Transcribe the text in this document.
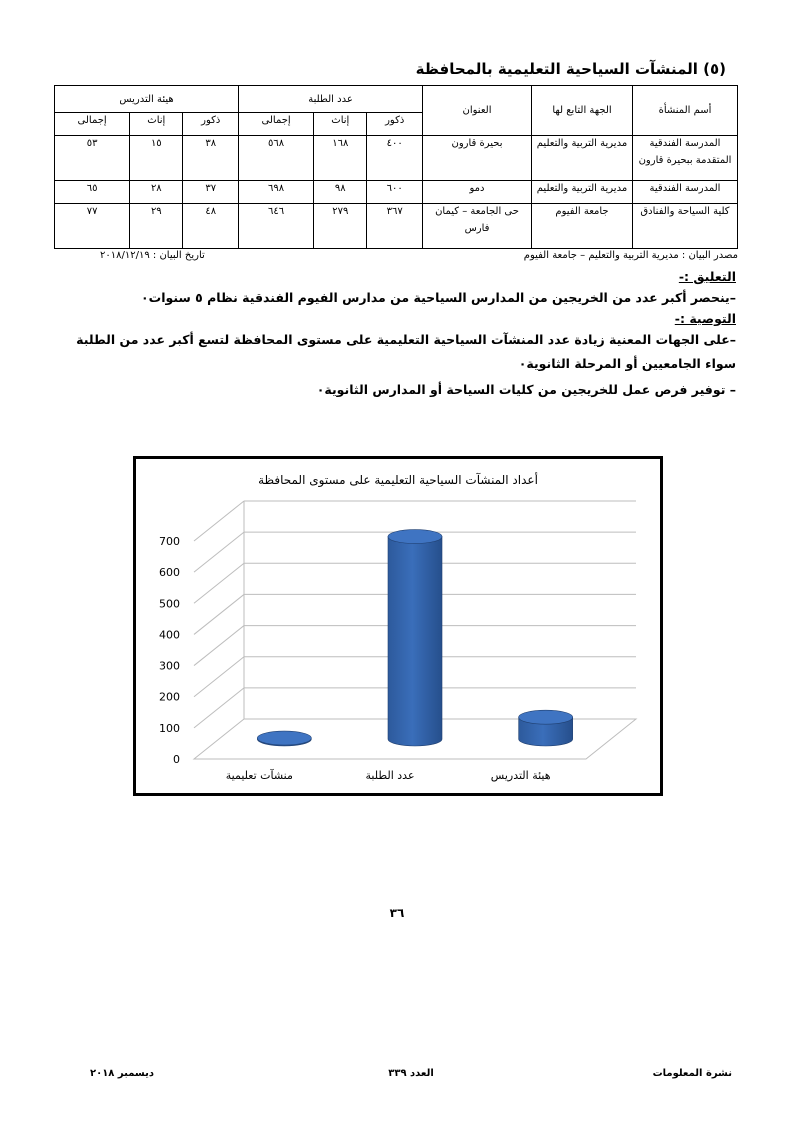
(٥) المنشآت السياحية التعليمية بالمحافظة
أسم المنشأة	الجهة التابع لها	العنوان	عدد الطلبة			هيئة التدريس		
			ذكور	إناث	إجمالى	ذكور	إناث	إجمالى

المدرسة الفندقية
المتقدمة ببحيرة قارون	مديرية التربية والتعليم	بحيرة قارون	٤٠٠	١٦٨	٥٦٨	٣٨	١٥	٥٣
المدرسة الفندقية	مديرية التربية والتعليم	دمو	٦٠٠	٩٨	٦٩٨	٣٧	٢٨	٦٥
كلية السياحة والفنادق	جامعة الفيوم	حى الجامعة – كيمان
فارس	٣٦٧	٢٧٩	٦٤٦	٤٨	٢٩	٧٧
مصدر البيان : مديرية التربية والتعليم – جامعة الفيوم
تاريخ البيان : ٢٠١٨/١٢/١٩
التعليق :-
–ينحصر أكبر عدد من الخريجين من المدارس السياحية من مدارس الفيوم الفندقية نظام ٥ سنوات٠
التوصية :-
–على الجهات المعنية زيادة عدد المنشآت السياحية التعليمية على مستوى المحافظة لتسع أكبر عدد من الطلبة سواء الجامعيين أو المرحلة الثانوية٠
– توفير فرص عمل للخريجين من كليات السياحة أو المدارس الثانوية٠
أعداد المنشآت السياحية التعليمية على مستوى المحافظة
0
100
200
300
400
500
600
700
منشآت تعليمية	عدد الطلبة	هيئة التدريس
٣٦
نشرة المعلومات
العدد ٣٣٩
ديسمبر ٢٠١٨
